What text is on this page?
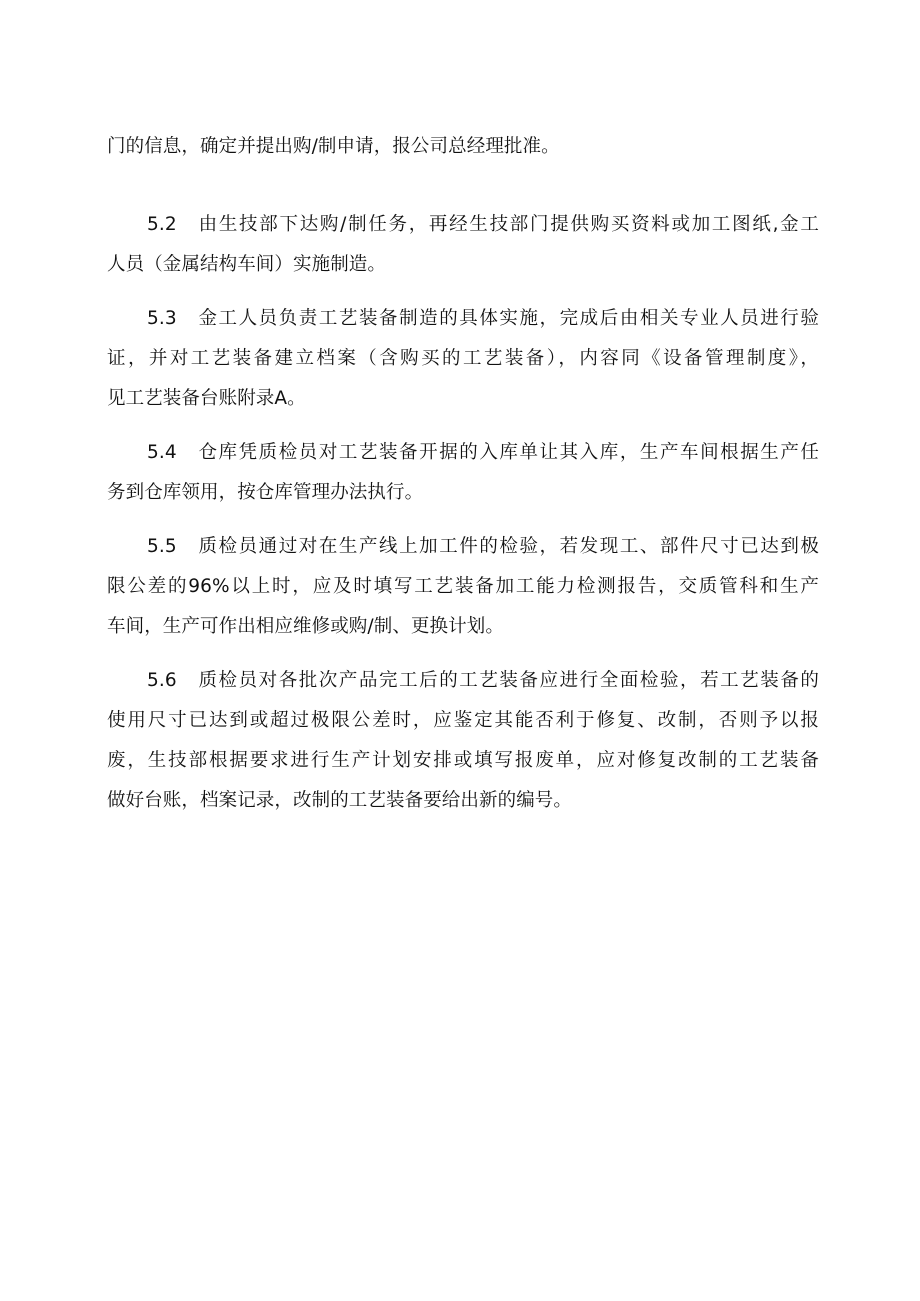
门的信息，确定并提出购/制申请，报公司总经理批准。
5.2 由生技部下达购/制任务，再经生技部门提供购买资料或加工图纸,金工
人员（金属结构车间）实施制造。
5.3 金工人员负责工艺装备制造的具体实施，完成后由相关专业人员进行验
证，并对工艺装备建立档案（含购买的工艺装备），内容同《设备管理制度》，
见工艺装备台账附录A。
5.4 仓库凭质检员对工艺装备开据的入库单让其入库，生产车间根据生产任
务到仓库领用，按仓库管理办法执行。
5.5 质检员通过对在生产线上加工件的检验，若发现工、部件尺寸已达到极
限公差的96%以上时，应及时填写工艺装备加工能力检测报告，交质管科和生产
车间，生产可作出相应维修或购/制、更换计划。
5.6 质检员对各批次产品完工后的工艺装备应进行全面检验，若工艺装备的
使用尺寸已达到或超过极限公差时，应鉴定其能否利于修复、改制，否则予以报
废，生技部根据要求进行生产计划安排或填写报废单，应对修复改制的工艺装备
做好台账，档案记录，改制的工艺装备要给出新的编号。
